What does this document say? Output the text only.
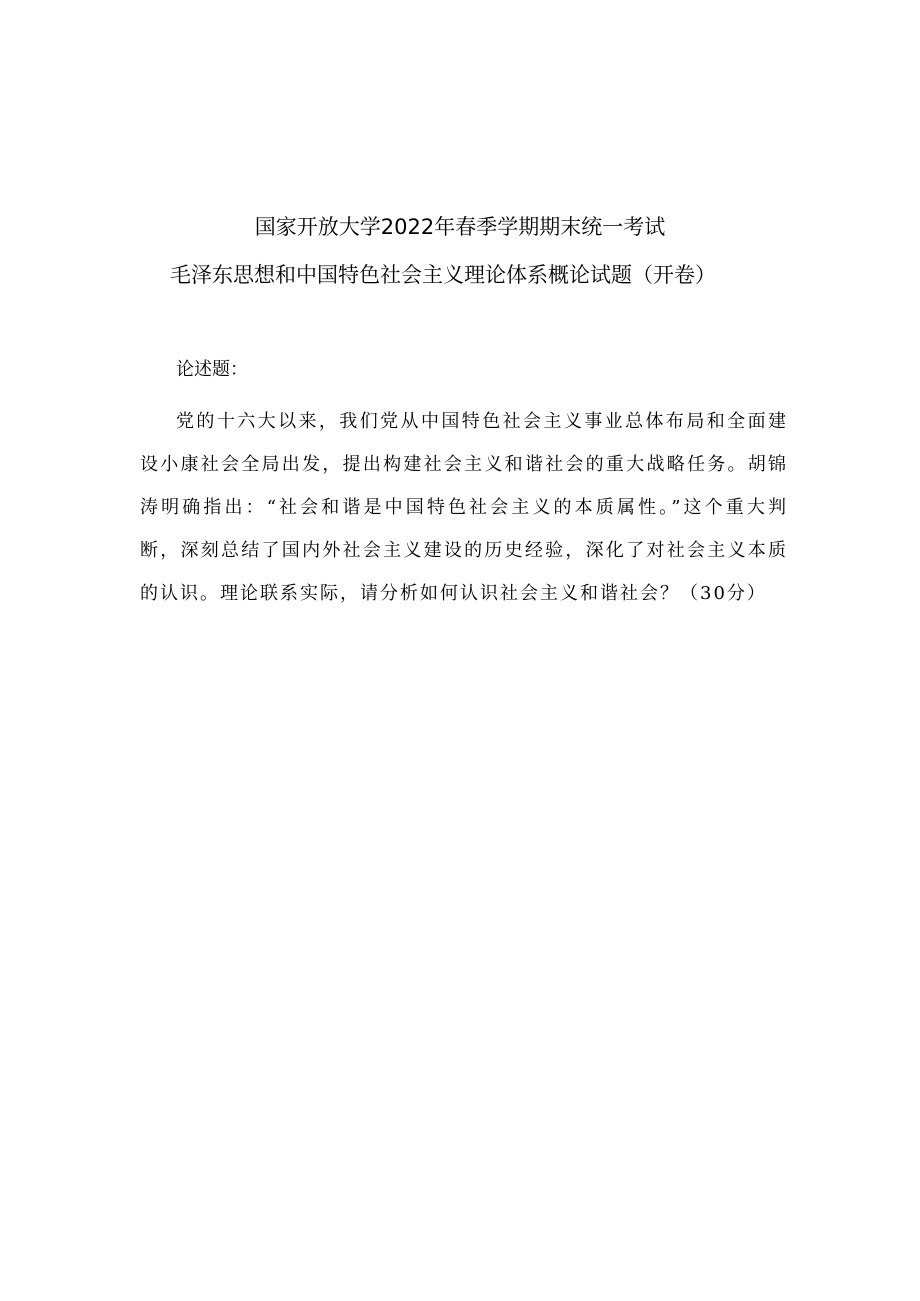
国家开放大学2022年春季学期期末统一考试
毛泽东思想和中国特色社会主义理论体系概论试题（开卷）
论述题：
党的十六大以来，我们党从中国特色社会主义事业总体布局和全面建设小康社会全局出发，提出构建社会主义和谐社会的重大战略任务。胡锦涛明确指出：“社会和谐是中国特色社会主义的本质属性。”这个重大判断，深刻总结了国内外社会主义建设的历史经验，深化了对社会主义本质的认识。理论联系实际，请分析如何认识社会主义和谐社会？（30分）
